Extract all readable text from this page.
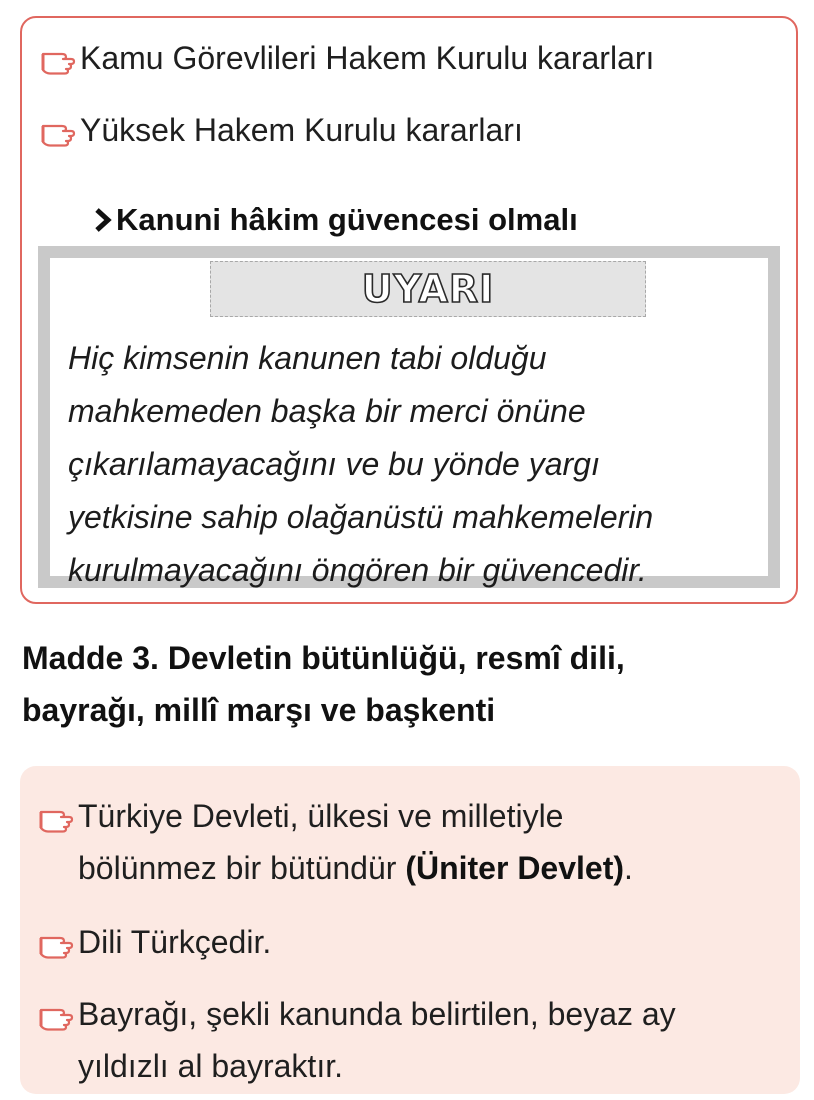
Kamu Görevlileri Hakem Kurulu kararları
Yüksek Hakem Kurulu kararları
Kanuni hâkim güvencesi olmalı
UYARI
Hiç kimsenin kanunen tabi olduğu
mahkemeden başka bir merci önüne
çıkarılamayacağını ve bu yönde yargı
yetkisine sahip olağanüstü mahkemelerin
kurulmayacağını öngören bir güvencedir.
Madde 3. Devletin bütünlüğü, resmî dili,
bayrağı, millî marşı ve başkenti
Türkiye Devleti, ülkesi ve milletiyle
bölünmez bir bütündür (Üniter Devlet).
Dili Türkçedir.
Bayrağı, şekli kanunda belirtilen, beyaz ay
yıldızlı al bayraktır.
